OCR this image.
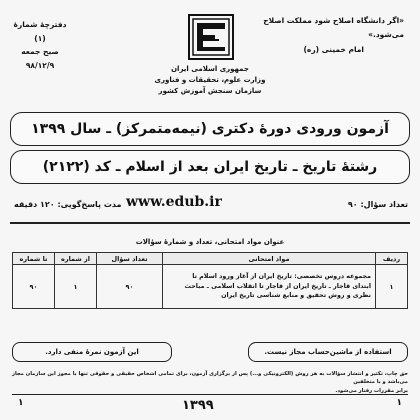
«اگر دانشگاه اصلاح شود مملکت اصلاح می‌شود.»
امام خمینی (ره)
جمهوری اسلامی ایران
وزارت علوم، تحقیقات و فناوری
سازمان سنجش آموزش کشور
دفترچهٔ شمارهٔ (۱)
صبح جمعه
۹۸/۱۲/۹
آزمون ورودی دورهٔ دکتری (نیمه‌متمرکز) ـ سال ۱۳۹۹
رشتهٔ تاریخ ـ تاریخ ایران بعد از اسلام ـ کد (۲۱۲۲)
تعداد سؤال: ۹۰
www.edub.ir
مدت پاسخ‌گویی: ۱۲۰ دقیقه
عنوان مواد امتحانی، تعداد و شمارهٔ سؤالات
ردیف	مواد امتحانی	تعداد سؤال	از شماره	تا شماره
۱	مجموعه دروس تخصصی: تاریخ ایران از آغاز ورود اسلام تا
ابتدای قاجار ـ تاریخ ایران از قاجار تا انقلاب اسلامی ـ مباحث
نظری و روش تحقیق و منابع شناسی تاریخ ایران	۹۰	۱	۹۰
استفاده از ماشین‌حساب مجاز نیست.
این آزمون نمرهٔ منفی دارد.
حق چاپ، تکثیر و انتشار سؤالات به هر روش (الکترونیکی و...) پس از برگزاری آزمون، برای تمامی اشخاص حقیقی و حقوقی تنها با مجوز این سازمان مجاز می‌باشد و با متخلفین
برابر مقررات رفتار می‌شود.
۱
۱۳۹۹
۱
